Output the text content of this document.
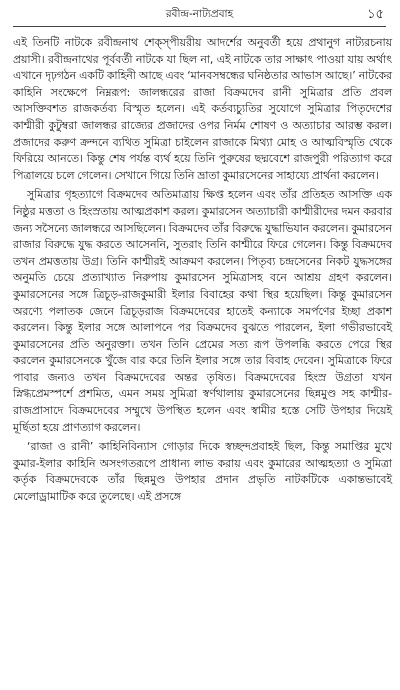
রবীন্দ্র-নাট্যপ্রবাহ	১৫

এই তিনটি নাটকে রবীন্দ্রনাথ শেক্‌স্‌পীয়রীয় আদর্শের অনুবর্তী হয়ে প্রথানুগ নাট্যরচনায় প্রয়াসী। রবীন্দ্রনাথের পূর্ববর্তী নাটকে যা ছিল না, এই নাটকে তার সাক্ষাৎ পাওয়া যায় অর্থাৎ এখানে দৃঢ়গঠন একটি কাহিনী আছে এবং ‘মানবসম্বন্ধের ঘনিষ্ঠতার আভাস আছে।’ নাটকের কাহিনি সংক্ষেপে নিম্নরূপ: জালন্ধরের রাজা বিক্রমদেব রানী সুমিত্রার প্রতি প্রবল আসক্তিবশত রাজকর্তব্য বিস্মৃত হলেন। এই কর্তব্যচ্যুতির সুযোগে সুমিত্রার পিতৃদেশের কাশ্মীরী কুটুম্বরা জালন্ধর রাজ্যের প্রজাদের ওপর নির্মম শোষণ ও অত্যাচার আরম্ভ করল। প্রজাদের করুণ ক্রন্দনে ব্যথিত সুমিত্রা চাইলেন রাজাকে মিথ্যা মোহ ও আত্মবিস্মৃতি থেকে ফিরিয়ে আনতে। কিন্তু শেষ পর্যন্ত ব্যর্থ হয়ে তিনি পুরুষের ছদ্মবেশে রাজপুরী পরিত্যাগ করে পিত্রালয়ে চলে গেলেন। সেখানে গিয়ে তিনি ভ্রাতা কুমারসেনের সাহায্যে প্রার্থনা করলেন।

সুমিত্রার গৃহত্যাগে বিক্রমদেব অতিমাত্রায় ক্ষিপ্ত হলেন এবং তাঁর প্রতিহত আসক্তি এক নিষ্ঠুর মত্ততা ও হিংস্রতায় আত্মপ্রকাশ করল। কুমারসেন অত্যাচারী কাশ্মীরীদের দমন করবার জন্য সসৈন্যে জালন্ধরে আসছিলেন। বিক্রমদেব তাঁর বিরুদ্ধে যুদ্ধাভিযান করলেন। কুমারসেন রাজার বিরুদ্ধে যুদ্ধ করতে আসেননি, সুতরাং তিনি কাশ্মীরে ফিরে গেলেন। কিন্তু বিক্রমদেব তখন প্রমত্ততায় উগ্র। তিনি কাশ্মীরই আক্রমণ করলেন। পিতৃব্য চন্দ্রসেনের নিকট যুদ্ধসঙ্গের অনুমতি চেয়ে প্রত্যাখ্যাত নিরুপায় কুমারসেন সুমিত্রাসহ বনে আশ্রয় গ্রহণ করলেন। কুমারসেনের সঙ্গে ত্রিচূড়-রাজকুমারী ইলার বিবাহের কথা স্থির হয়েছিল। কিন্তু কুমারসেন অরণ্যে পলাতক জেনে ত্রিচূড়রাজ বিক্রমদেবের হাতেই কন্যাকে সমর্পণের ইচ্ছা প্রকাশ করলেন। কিন্তু ইলার সঙ্গে আলাপনে পর বিক্রমদেব বুঝতে পারলেন, ইলা গভীরভাবেই কুমারসেনের প্রতি অনুরক্তা। তখন তিনি প্রেমের সত্য রূপ উপলব্ধি করতে পেরে স্থির করলেন কুমারসেনকে খুঁজে বার করে তিনি ইলার সঙ্গে তার বিবাহ দেবেন। সুমিত্রাকে ফিরে পাবার জন্যও তখন বিক্রমদেবের অন্তর তৃষিত। বিক্রমদেবের হিংস্র উগ্রতা যখন স্নিগ্ধপ্রেমস্পর্শে প্রশমিত, এমন সময় সুমিত্রা স্বর্ণথালায় কুমারসেনের ছিন্নমুণ্ড সহ কাশ্মীর-রাজপ্রাসাদে বিক্রমদেবের সম্মুখে উপস্থিত হলেন এবং স্বামীর হস্তে সেটি উপহার দিয়েই মূর্ছিতা হয়ে প্রাণত্যাগ করলেন।

‘রাজা ও রানী’ কাহিনিবিন্যাস গোড়ার দিকে স্বচ্ছন্দপ্রবাহই ছিল, কিন্তু সমাপ্তির মুখে কুমার-ইলার কাহিনি অসংগতরূপে প্রাধান্য লাভ করায় এবং কুমারের আত্মহত্যা ও সুমিত্রা কর্তৃক বিক্রমদেবকে তাঁর ছিন্নমুণ্ড উপহার প্রদান প্রভৃতি নাটকটিকে একান্তভাবেই মেলোড্রামাটিক করে তুলেছে। এই প্রসঙ্গে
